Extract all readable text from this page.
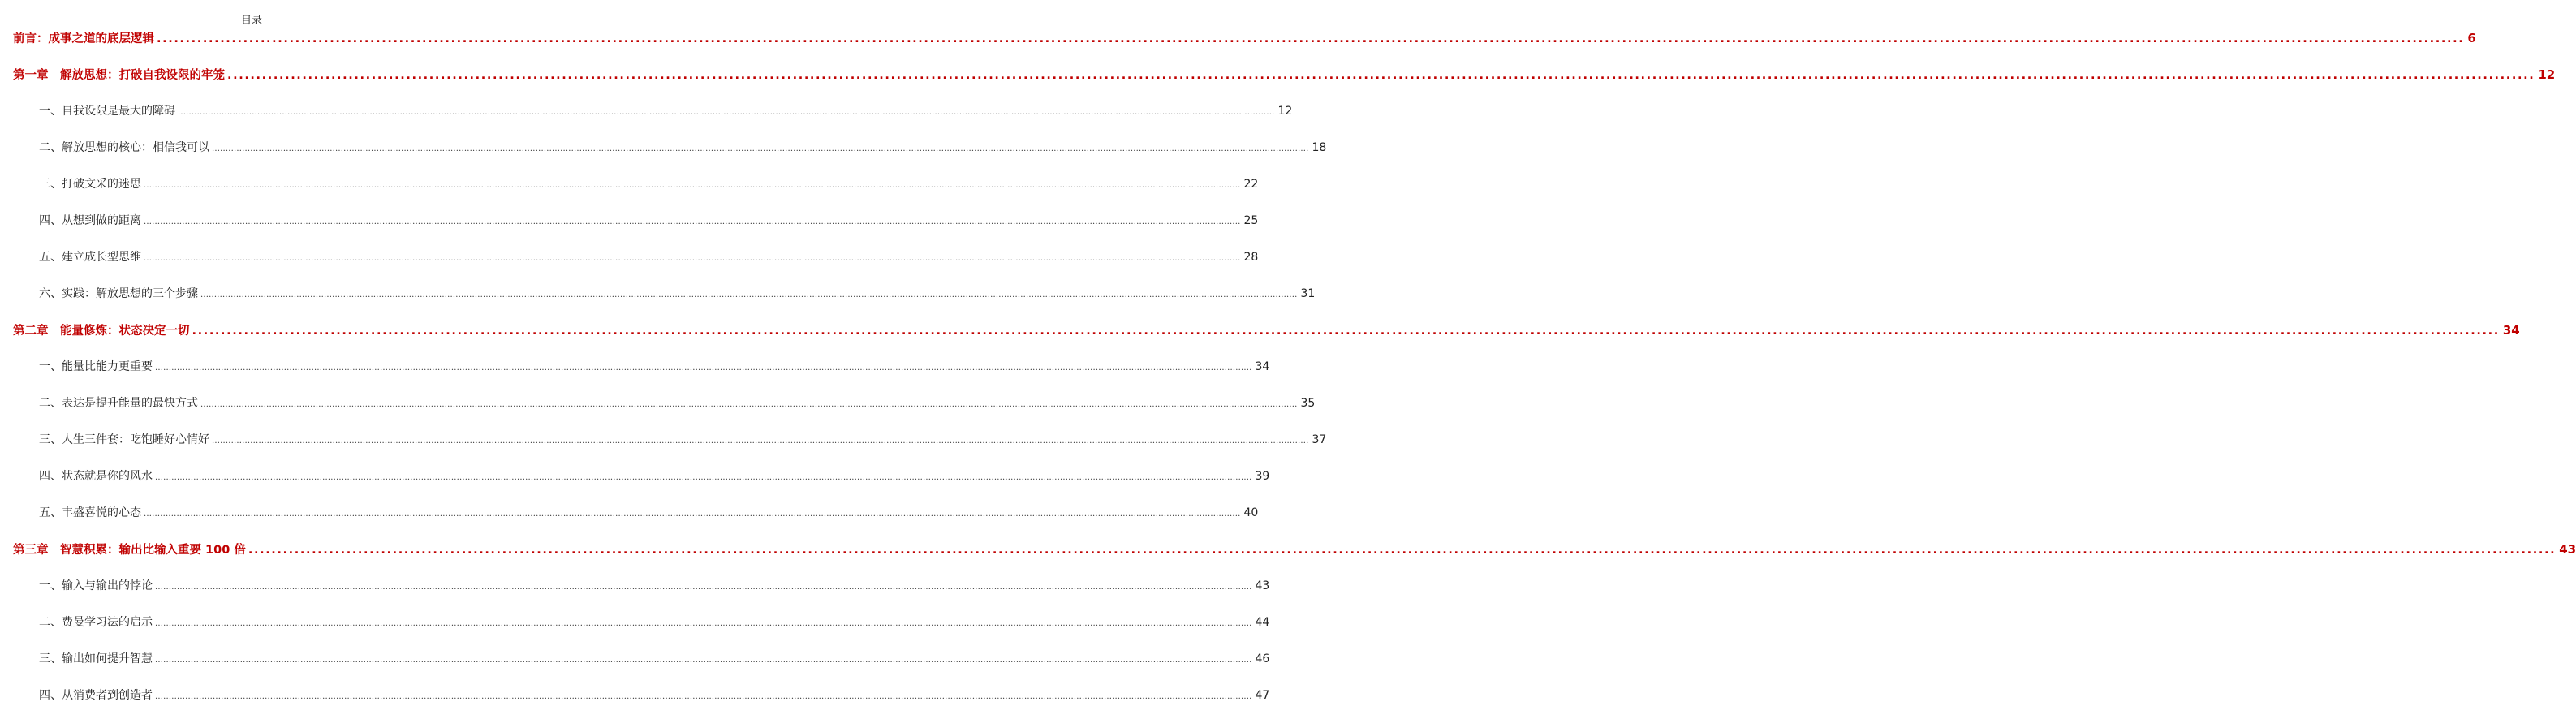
目录
前言：成事之道的底层逻辑 ................................................................................................................................................................................................................................................................................................................................................................................................................ 6
第一章　解放思想：打破自我设限的牢笼 ................................................................................................................................................................................................................................................................................................................................................................................................................ 12
一、自我设限是最大的障碍 ................................................................................................................................................................................................................................................................................................................................................................................................................ 12
二、解放思想的核心：相信我可以 ................................................................................................................................................................................................................................................................................................................................................................................................................ 18
三、打破文采的迷思 ................................................................................................................................................................................................................................................................................................................................................................................................................ 22
四、从想到做的距离 ................................................................................................................................................................................................................................................................................................................................................................................................................ 25
五、建立成长型思维 ................................................................................................................................................................................................................................................................................................................................................................................................................ 28
六、实践：解放思想的三个步骤 ................................................................................................................................................................................................................................................................................................................................................................................................................ 31
第二章　能量修炼：状态决定一切 ................................................................................................................................................................................................................................................................................................................................................................................................................ 34
一、能量比能力更重要 ................................................................................................................................................................................................................................................................................................................................................................................................................ 34
二、表达是提升能量的最快方式 ................................................................................................................................................................................................................................................................................................................................................................................................................ 35
三、人生三件套：吃饱睡好心情好 ................................................................................................................................................................................................................................................................................................................................................................................................................ 37
四、状态就是你的风水 ................................................................................................................................................................................................................................................................................................................................................................................................................ 39
五、丰盛喜悦的心态 ................................................................................................................................................................................................................................................................................................................................................................................................................ 40
第三章　智慧积累：输出比输入重要 100 倍 ................................................................................................................................................................................................................................................................................................................................................................................................................ 43
一、输入与输出的悖论 ................................................................................................................................................................................................................................................................................................................................................................................................................ 43
二、费曼学习法的启示 ................................................................................................................................................................................................................................................................................................................................................................................................................ 44
三、输出如何提升智慧 ................................................................................................................................................................................................................................................................................................................................................................................................................ 46
四、从消费者到创造者 ................................................................................................................................................................................................................................................................................................................................................................................................................ 47
